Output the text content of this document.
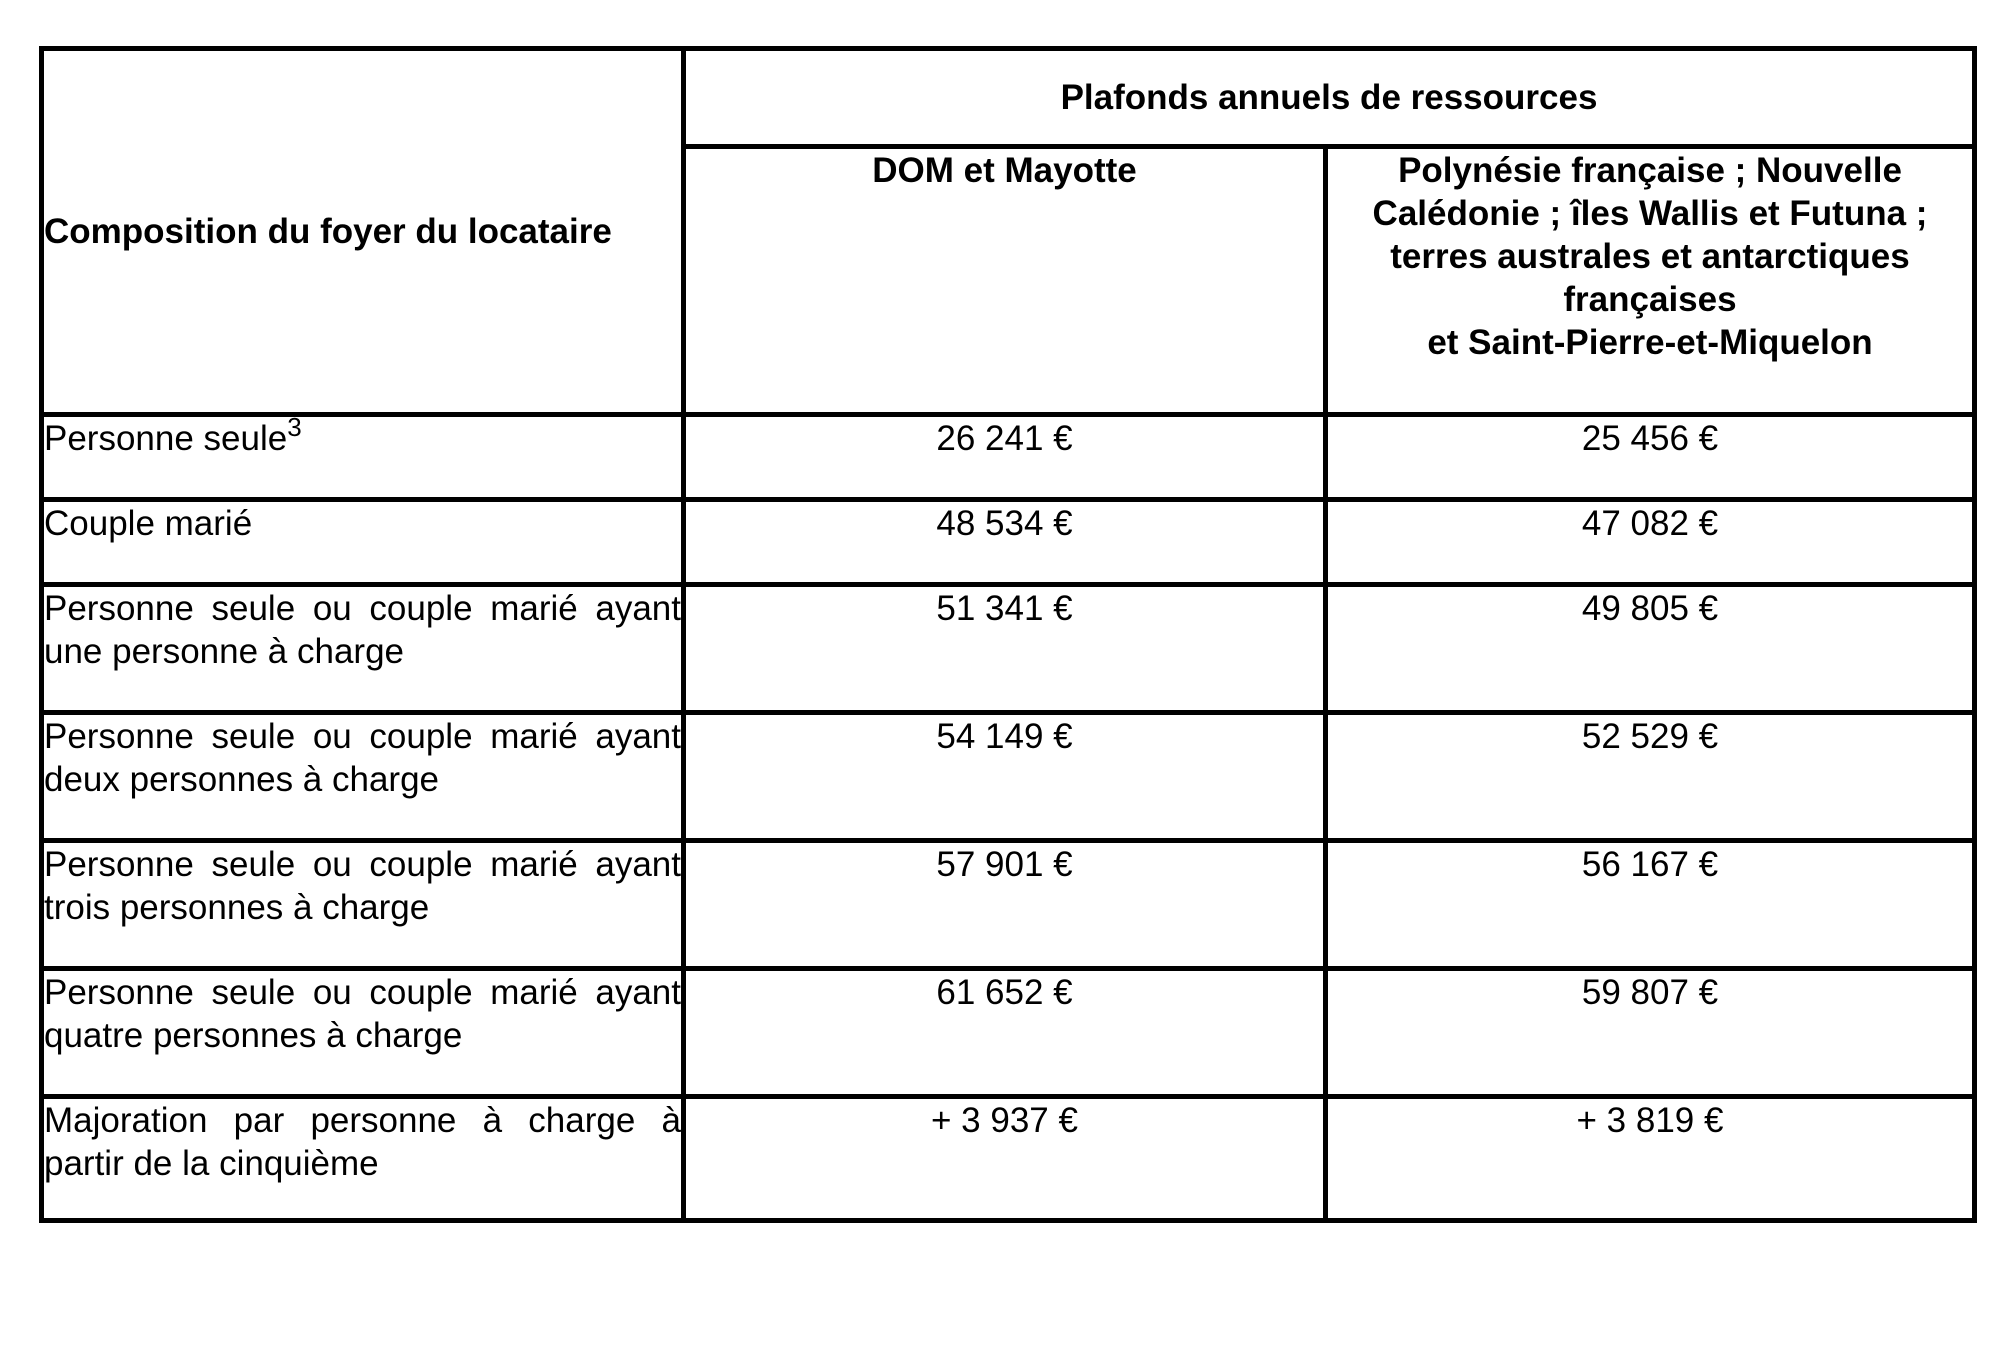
Composition du foyer du locataire	Plafonds annuels de ressources	
	DOM et Mayotte	Polynésie française ; Nouvelle
Calédonie ; îles Wallis et Futuna ;
terres australes et antarctiques
françaises
et Saint-Pierre-et-Miquelon
Personne seule$^3$	26 241 €	25 456 €
Couple marié	48 534 €	47 082 €
Personne seule ou couple marié ayant une personne à charge	51 341 €	49 805 €
Personne seule ou couple marié ayant deux personnes à charge	54 149 €	52 529 €
Personne seule ou couple marié ayant trois personnes à charge	57 901 €	56 167 €
Personne seule ou couple marié ayant quatre personnes à charge	61 652 €	59 807 €
Majoration par personne à charge à partir de la cinquième	+ 3 937 €	+ 3 819 €
